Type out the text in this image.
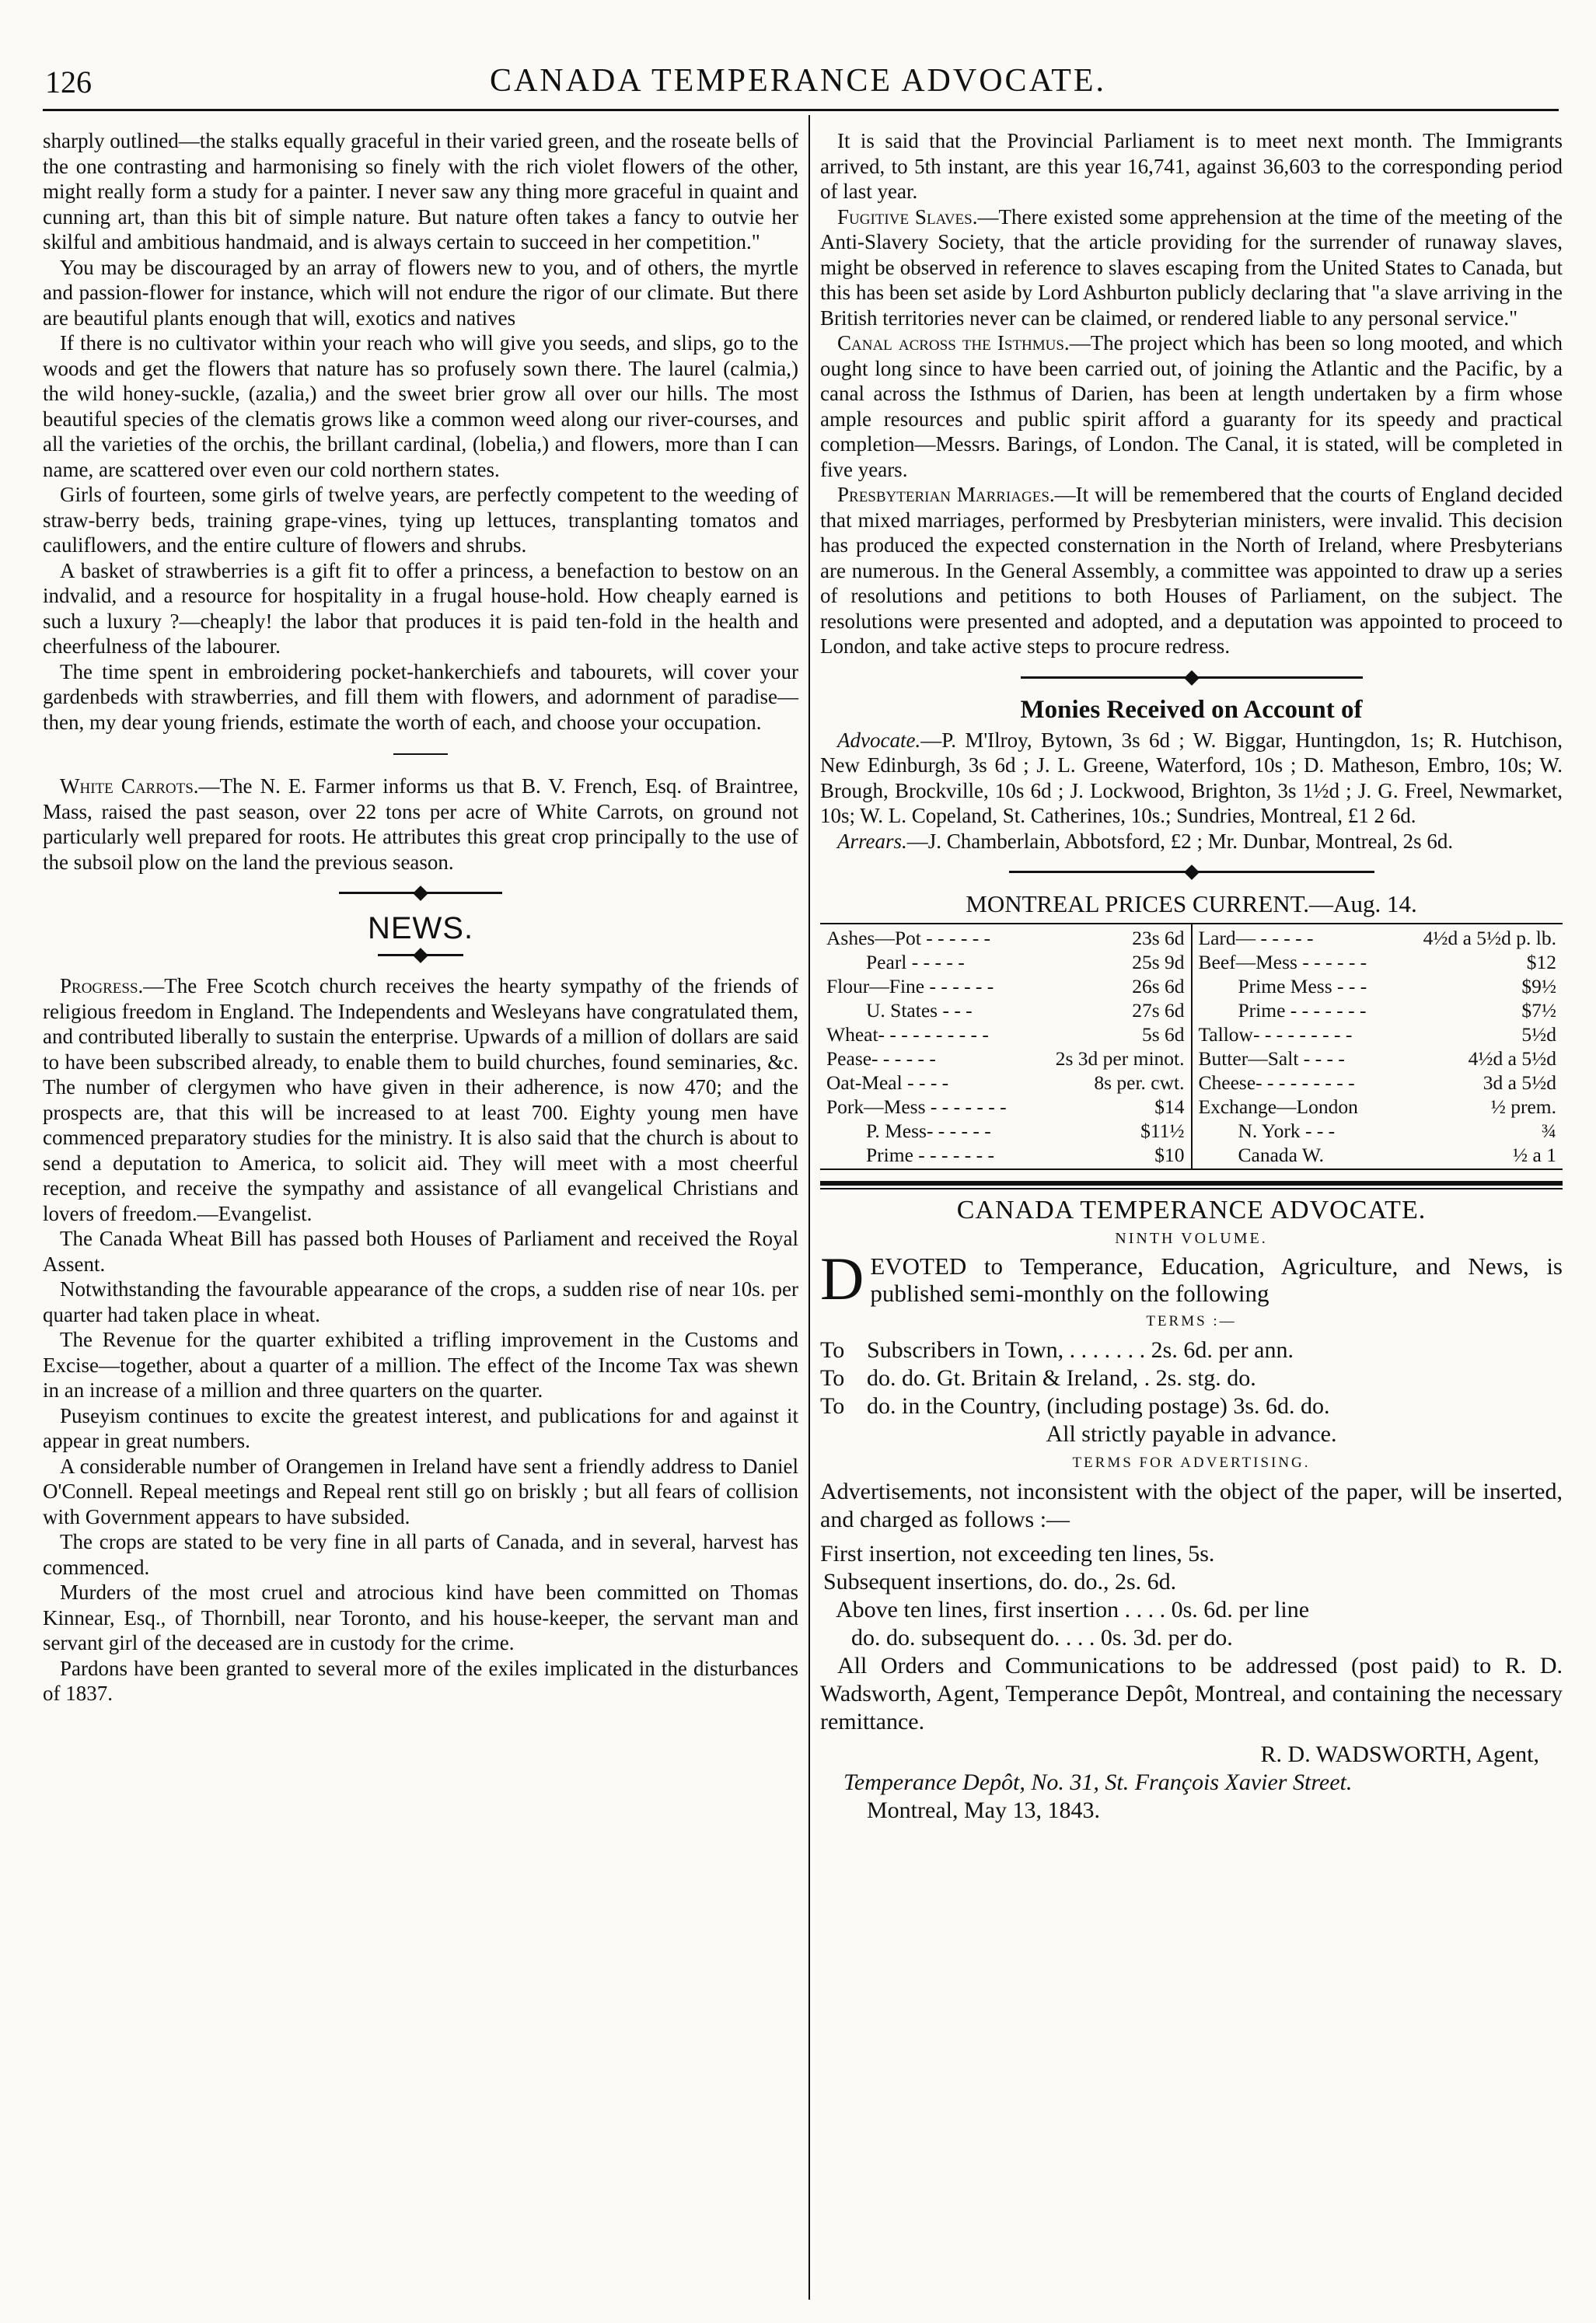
126	CANADA TEMPERANCE ADVOCATE.

sharply outlined—the stalks equally graceful in their varied green, and the roseate bells of the one contrasting and harmonising so finely with the rich violet flowers of the other, might really form a study for a painter. I never saw any thing more graceful in quaint and cunning art, than this bit of simple nature. But nature often takes a fancy to outvie her skilful and ambitious handmaid, and is always certain to succeed in her competition."

You may be discouraged by an array of flowers new to you, and of others, the myrtle and passion-flower for instance, which will not endure the rigor of our climate. But there are beautiful plants enough that will, exotics and natives

If there is no cultivator within your reach who will give you seeds, and slips, go to the woods and get the flowers that nature has so profusely sown there. The laurel (calmia,) the wild honey-suckle, (azalia,) and the sweet brier grow all over our hills. The most beautiful species of the clematis grows like a common weed along our river-courses, and all the varieties of the orchis, the brillant cardinal, (lobelia,) and flowers, more than I can name, are scattered over even our cold northern states.

Girls of fourteen, some girls of twelve years, are perfectly competent to the weeding of straw-berry beds, training grape-vines, tying up lettuces, transplanting tomatos and cauliflowers, and the entire culture of flowers and shrubs.

A basket of strawberries is a gift fit to offer a princess, a benefaction to bestow on an indvalid, and a resource for hospitality in a frugal house-hold. How cheaply earned is such a luxury ?—cheaply! the labor that produces it is paid ten-fold in the health and cheerfulness of the labourer.

The time spent in embroidering pocket-hankerchiefs and tabourets, will cover your gardenbeds with strawberries, and fill them with flowers, and adornment of paradise—then, my dear young friends, estimate the worth of each, and choose your occupation.

White Carrots.—The N. E. Farmer informs us that B. V. French, Esq. of Braintree, Mass, raised the past season, over 22 tons per acre of White Carrots, on ground not particularly well prepared for roots. He attributes this great crop principally to the use of the subsoil plow on the land the previous season.

NEWS.

Progress.—The Free Scotch church receives the hearty sympathy of the friends of religious freedom in England. The Independents and Wesleyans have congratulated them, and contributed liberally to sustain the enterprise. Upwards of a million of dollars are said to have been subscribed already, to enable them to build churches, found seminaries, &c. The number of clergymen who have given in their adherence, is now 470; and the prospects are, that this will be increased to at least 700. Eighty young men have commenced preparatory studies for the ministry. It is also said that the church is about to send a deputation to America, to solicit aid. They will meet with a most cheerful reception, and receive the sympathy and assistance of all evangelical Christians and lovers of freedom.—Evangelist.

The Canada Wheat Bill has passed both Houses of Parliament and received the Royal Assent.

Notwithstanding the favourable appearance of the crops, a sudden rise of near 10s. per quarter had taken place in wheat.

The Revenue for the quarter exhibited a trifling improvement in the Customs and Excise—together, about a quarter of a million. The effect of the Income Tax was shewn in an increase of a million and three quarters on the quarter.

Puseyism continues to excite the greatest interest, and publications for and against it appear in great numbers.

A considerable number of Orangemen in Ireland have sent a friendly address to Daniel O'Connell. Repeal meetings and Repeal rent still go on briskly ; but all fears of collision with Government appears to have subsided.

The crops are stated to be very fine in all parts of Canada, and in several, harvest has commenced.

Murders of the most cruel and atrocious kind have been committed on Thomas Kinnear, Esq., of Thornbill, near Toronto, and his house-keeper, the servant man and servant girl of the deceased are in custody for the crime.

Pardons have been granted to several more of the exiles implicated in the disturbances of 1837.

It is said that the Provincial Parliament is to meet next month. The Immigrants arrived, to 5th instant, are this year 16,741, against 36,603 to the corresponding period of last year.

Fugitive Slaves.—There existed some apprehension at the time of the meeting of the Anti-Slavery Society, that the article providing for the surrender of runaway slaves, might be observed in reference to slaves escaping from the United States to Canada, but this has been set aside by Lord Ashburton publicly declaring that "a slave arriving in the British territories never can be claimed, or rendered liable to any personal service."

Canal across the Isthmus.—The project which has been so long mooted, and which ought long since to have been carried out, of joining the Atlantic and the Pacific, by a canal across the Isthmus of Darien, has been at length undertaken by a firm whose ample resources and public spirit afford a guaranty for its speedy and practical completion—Messrs. Barings, of London. The Canal, it is stated, will be completed in five years.

Presbyterian Marriages.—It will be remembered that the courts of England decided that mixed marriages, performed by Presbyterian ministers, were invalid. This decision has produced the expected consternation in the North of Ireland, where Presbyterians are numerous. In the General Assembly, a committee was appointed to draw up a series of resolutions and petitions to both Houses of Parliament, on the subject. The resolutions were presented and adopted, and a deputation was appointed to proceed to London, and take active steps to procure redress.

Monies Received on Account of

Advocate.—P. M'Ilroy, Bytown, 3s 6d ; W. Biggar, Huntingdon, 1s; R. Hutchison, New Edinburgh, 3s 6d ; J. L. Greene, Waterford, 10s ; D. Matheson, Embro, 10s; W. Brough, Brockville, 10s 6d ; J. Lockwood, Brighton, 3s 1½d ; J. G. Freel, Newmarket, 10s; W. L. Copeland, St. Catherines, 10s.; Sundries, Montreal, £1 2 6d.

Arrears.—J. Chamberlain, Abbotsford, £2 ; Mr. Dunbar, Montreal, 2s 6d.

MONTREAL PRICES CURRENT.—Aug. 14.
Ashes—Pot - - - - - -	23s 6d
Pearl - - - - -	25s 9d
Flour—Fine - - - - - -	26s 6d
U. States - - -	27s 6d
Wheat- - - - - - - - - -	5s 6d
Pease- - - - - -	2s 3d per minot.
Oat-Meal - - - -	8s per. cwt.
Pork—Mess - - - - - - -	$14
P. Mess- - - - - -	$11½
Prime - - - - - - -	$10
Lard— - - - - -	4½d a 5½d p. lb.
Beef—Mess - - - - - -	$12
Prime Mess - - -	$9½
Prime - - - - - - -	$7½
Tallow- - - - - - - - -	5½d
Butter—Salt - - - -	4½d a 5½d
Cheese- - - - - - - - -	3d a 5½d
Exchange—London	½ prem.
N. York - - -	¾
Canada W.	½ a 1
CANADA TEMPERANCE ADVOCATE.
NINTH VOLUME.
D EVOTED to Temperance, Education, Agriculture, and News, is published semi-monthly on the following

TERMS :—
To Subscribers in Town, . . . . . . . 2s. 6d. per ann.
To do. do. Gt. Britain & Ireland, . 2s. stg. do.
To do. in the Country, (including postage) 3s. 6d. do.
All strictly payable in advance.
TERMS FOR ADVERTISING.

Advertisements, not inconsistent with the object of the paper, will be inserted, and charged as follows :—

First insertion, not exceeding ten lines, 5s.

Subsequent insertions, do. do., 2s. 6d.

Above ten lines, first insertion . . . . 0s. 6d. per line

do. do. subsequent do. . . . 0s. 3d. per do.

All Orders and Communications to be addressed (post paid) to R. D. Wadsworth, Agent, Temperance Depôt, Montreal, and containing the necessary remittance.

R. D. WADSWORTH, Agent,
Temperance Depôt, No. 31, St. François Xavier Street.
Montreal, May 13, 1843.
